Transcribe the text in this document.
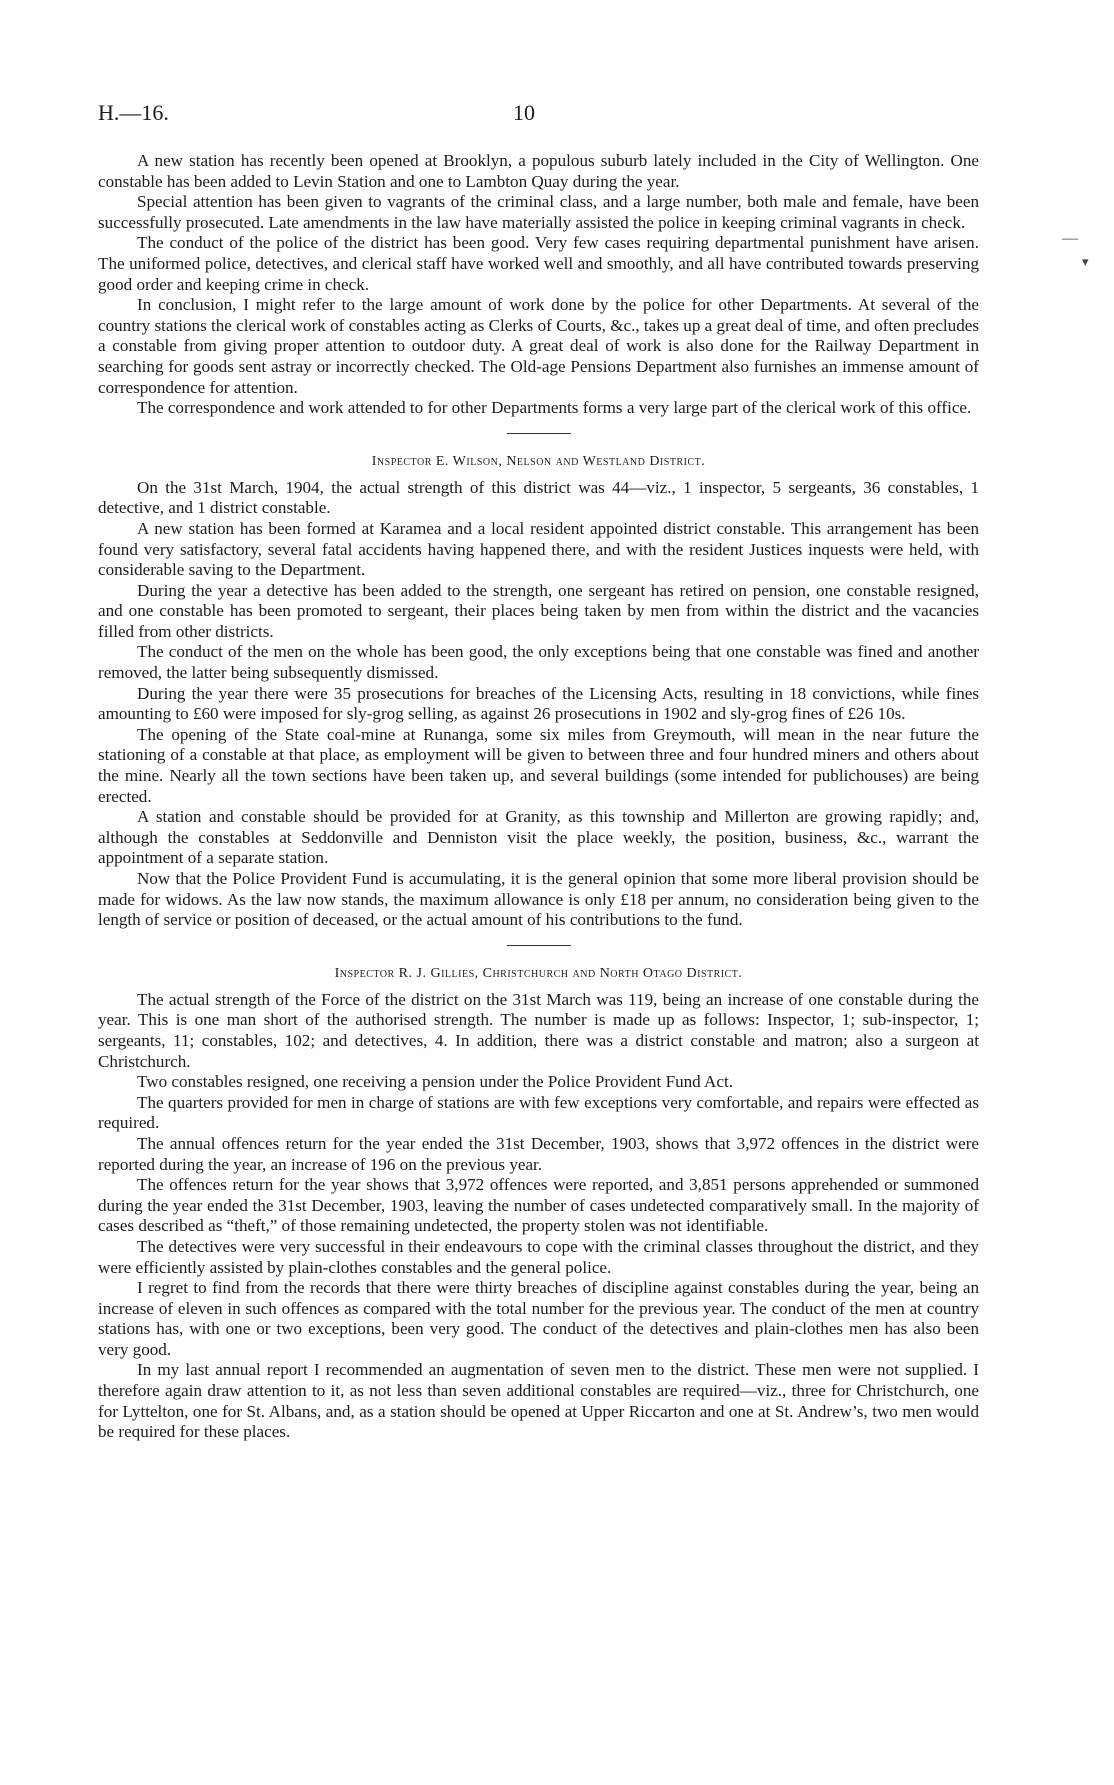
H.—16.	10
—
▾

A new station has recently been opened at Brooklyn, a populous suburb lately included in the City of Wellington. One constable has been added to Levin Station and one to Lambton Quay during the year.

Special attention has been given to vagrants of the criminal class, and a large number, both male and female, have been successfully prosecuted. Late amendments in the law have materially assisted the police in keeping criminal vagrants in check.

The conduct of the police of the district has been good. Very few cases requiring departmental punishment have arisen. The uniformed police, detectives, and clerical staff have worked well and smoothly, and all have contributed towards preserving good order and keeping crime in check.

In conclusion, I might refer to the large amount of work done by the police for other Departments. At several of the country stations the clerical work of constables acting as Clerks of Courts, &c., takes up a great deal of time, and often precludes a constable from giving proper attention to outdoor duty. A great deal of work is also done for the Railway Department in searching for goods sent astray or incorrectly checked. The Old-age Pensions Department also furnishes an immense amount of correspondence for attention.

The correspondence and work attended to for other Departments forms a very large part of the clerical work of this office.

Inspector E. Wilson, Nelson and Westland District.

On the 31st March, 1904, the actual strength of this district was 44—viz., 1 inspector, 5 sergeants, 36 constables, 1 detective, and 1 district constable.

A new station has been formed at Karamea and a local resident appointed district constable. This arrangement has been found very satisfactory, several fatal accidents having happened there, and with the resident Justices inquests were held, with considerable saving to the Department.

During the year a detective has been added to the strength, one sergeant has retired on pension, one constable resigned, and one constable has been promoted to sergeant, their places being taken by men from within the district and the vacancies filled from other districts.

The conduct of the men on the whole has been good, the only exceptions being that one constable was fined and another removed, the latter being subsequently dismissed.

During the year there were 35 prosecutions for breaches of the Licensing Acts, resulting in 18 convictions, while fines amounting to £60 were imposed for sly-grog selling, as against 26 prosecutions in 1902 and sly-grog fines of £26 10s.

The opening of the State coal-mine at Runanga, some six miles from Greymouth, will mean in the near future the stationing of a constable at that place, as employment will be given to between three and four hundred miners and others about the mine. Nearly all the town sections have been taken up, and several buildings (some intended for publichouses) are being erected.

A station and constable should be provided for at Granity, as this township and Millerton are growing rapidly; and, although the constables at Seddonville and Denniston visit the place weekly, the position, business, &c., warrant the appointment of a separate station.

Now that the Police Provident Fund is accumulating, it is the general opinion that some more liberal provision should be made for widows. As the law now stands, the maximum allowance is only £18 per annum, no consideration being given to the length of service or position of deceased, or the actual amount of his contributions to the fund.

Inspector R. J. Gillies, Christchurch and North Otago District.

The actual strength of the Force of the district on the 31st March was 119, being an increase of one constable during the year. This is one man short of the authorised strength. The number is made up as follows: Inspector, 1; sub-inspector, 1; sergeants, 11; constables, 102; and detectives, 4. In addition, there was a district constable and matron; also a surgeon at Christchurch.

Two constables resigned, one receiving a pension under the Police Provident Fund Act.

The quarters provided for men in charge of stations are with few exceptions very comfortable, and repairs were effected as required.

The annual offences return for the year ended the 31st December, 1903, shows that 3,972 offences in the district were reported during the year, an increase of 196 on the previous year.

The offences return for the year shows that 3,972 offences were reported, and 3,851 persons apprehended or summoned during the year ended the 31st December, 1903, leaving the number of cases undetected comparatively small. In the majority of cases described as “theft,” of those remaining undetected, the property stolen was not identifiable.

The detectives were very successful in their endeavours to cope with the criminal classes throughout the district, and they were efficiently assisted by plain-clothes constables and the general police.

I regret to find from the records that there were thirty breaches of discipline against constables during the year, being an increase of eleven in such offences as compared with the total number for the previous year. The conduct of the men at country stations has, with one or two exceptions, been very good. The conduct of the detectives and plain-clothes men has also been very good.

In my last annual report I recommended an augmentation of seven men to the district. These men were not supplied. I therefore again draw attention to it, as not less than seven additional constables are required—viz., three for Christchurch, one for Lyttelton, one for St. Albans, and, as a station should be opened at Upper Riccarton and one at St. Andrew’s, two men would be required for these places.
